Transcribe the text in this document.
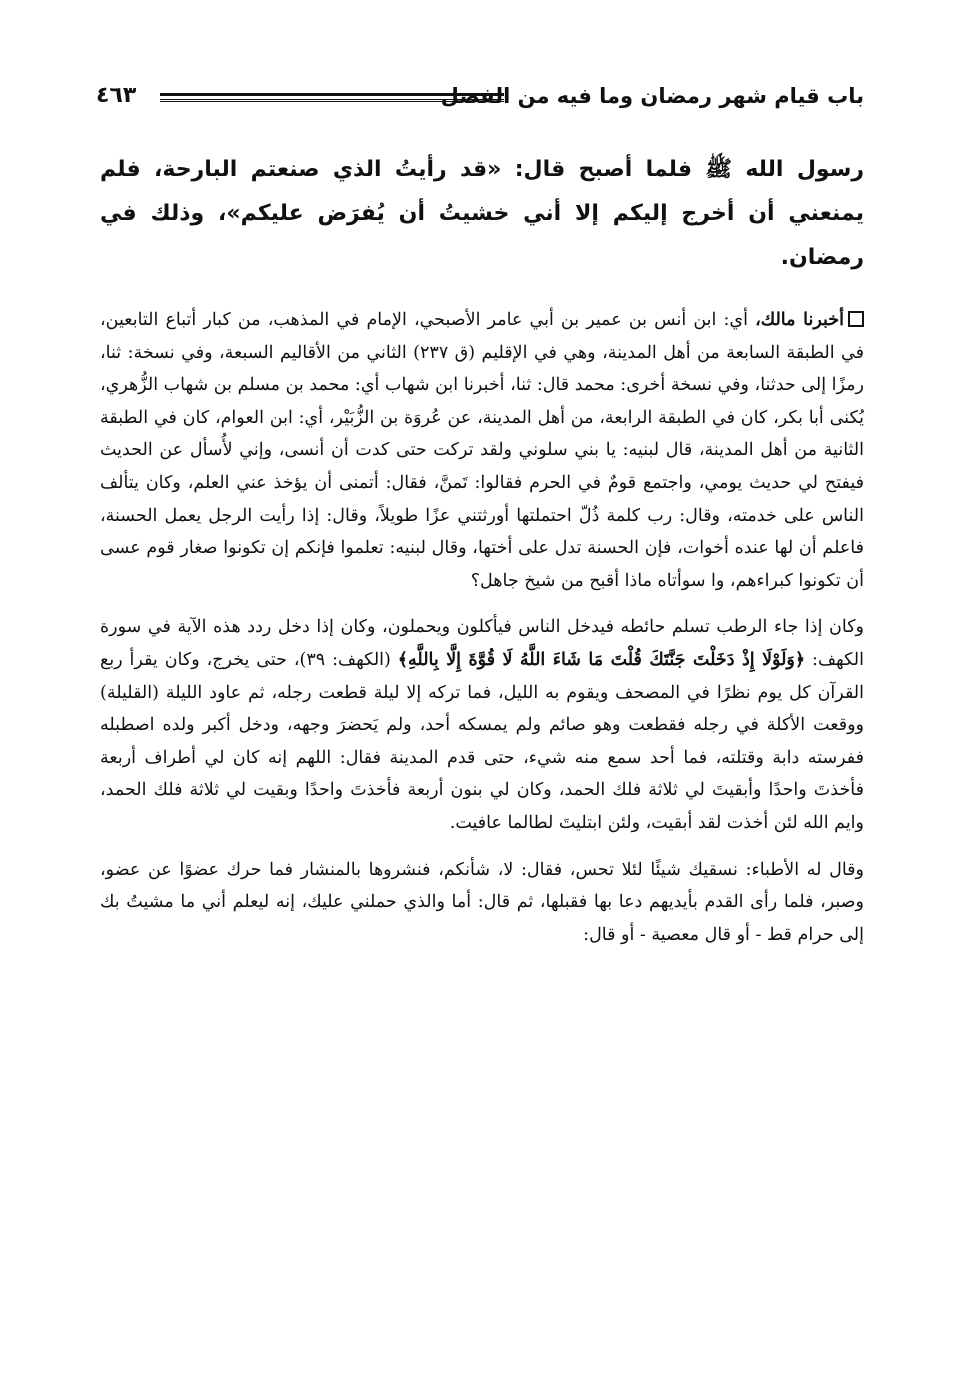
باب قيام شهر رمضان وما فيه من الفضل
٤٦٣

رسول الله ﷺ فلما أصبح قال: «قد رأيتُ الذي صنعتم البارحة، فلم يمنعني أن أخرج إليكم إلا أني خشيتُ أن يُفرَض عليكم»، وذلك في رمضان.

أخبرنا مالك، أي: ابن أنس بن عمير بن أبي عامر الأصبحي، الإمام في المذهب، من كبار أتباع التابعين، في الطبقة السابعة من أهل المدينة، وهي في الإقليم (ق ٢٣٧) الثاني من الأقاليم السبعة، وفي نسخة: ثنا، رمزًا إلى حدثنا، وفي نسخة أخرى: محمد قال: ثنا، أخبرنا ابن شهاب أي: محمد بن مسلم بن شهاب الزُّهري، يُكنى أبا بكر، كان في الطبقة الرابعة، من أهل المدينة، عن عُروَة بن الزُّبَيْر، أي: ابن العوام، كان في الطبقة الثانية من أهل المدينة، قال لبنيه: يا بني سلوني ولقد تركت حتى كدت أن أنسى، وإني لأُسأل عن الحديث فيفتح لي حديث يومي، واجتمع قومٌ في الحرم فقالوا: تَمنَّ، فقال: أتمنى أن يؤخذ عني العلم، وكان يتألف الناس على خدمته، وقال: رب كلمة ذُلّ احتملتها أورثتني عزًا طويلاً، وقال: إذا رأيت الرجل يعمل الحسنة، فاعلم أن لها عنده أخوات، فإن الحسنة تدل على أختها، وقال لبنيه: تعلموا فإنكم إن تكونوا صغار قوم عسى أن تكونوا كبراءهم، وا سوأتاه ماذا أقبح من شيخ جاهل؟

وكان إذا جاء الرطب تسلم حائطه فيدخل الناس فيأكلون ويحملون، وكان إذا دخل ردد هذه الآية في سورة الكهف: ﴿وَلَوْلَا إِذْ دَخَلْتَ جَنَّتَكَ قُلْتَ مَا شَاءَ اللَّهُ لَا قُوَّةَ إِلَّا بِاللَّهِ﴾ (الكهف: ٣٩)، حتى يخرج، وكان يقرأ ربع القرآن كل يوم نظرًا في المصحف ويقوم به الليل، فما تركه إلا ليلة قطعت رجله، ثم عاود الليلة (القليلة) ووقعت الأكلة في رجله فقطعت وهو صائم ولم يمسكه أحد، ولم يَحضرَ وجهه، ودخل أكبر ولده اصطبله ففرسته دابة وقتلته، فما أحد سمع منه شيء، حتى قدم المدينة فقال: اللهم إنه كان لي أطراف أربعة فأخذتَ واحدًا وأبقيتَ لي ثلاثة فلك الحمد، وكان لي بنون أربعة فأخذتَ واحدًا وبقيت لي ثلاثة فلك الحمد، وايم الله لئن أخذت لقد أبقيت، ولئن ابتليتَ لطالما عافيت.

وقال له الأطباء: نسقيك شيئًا لئلا تحس، فقال: لا، شأنكم، فنشروها بالمنشار فما حرك عضوًا عن عضو، وصبر، فلما رأى القدم بأيديهم دعا بها فقبلها، ثم قال: أما والذي حملني عليك، إنه ليعلم أني ما مشيتُ بك إلى حرام قط - أو قال معصية - أو قال:
